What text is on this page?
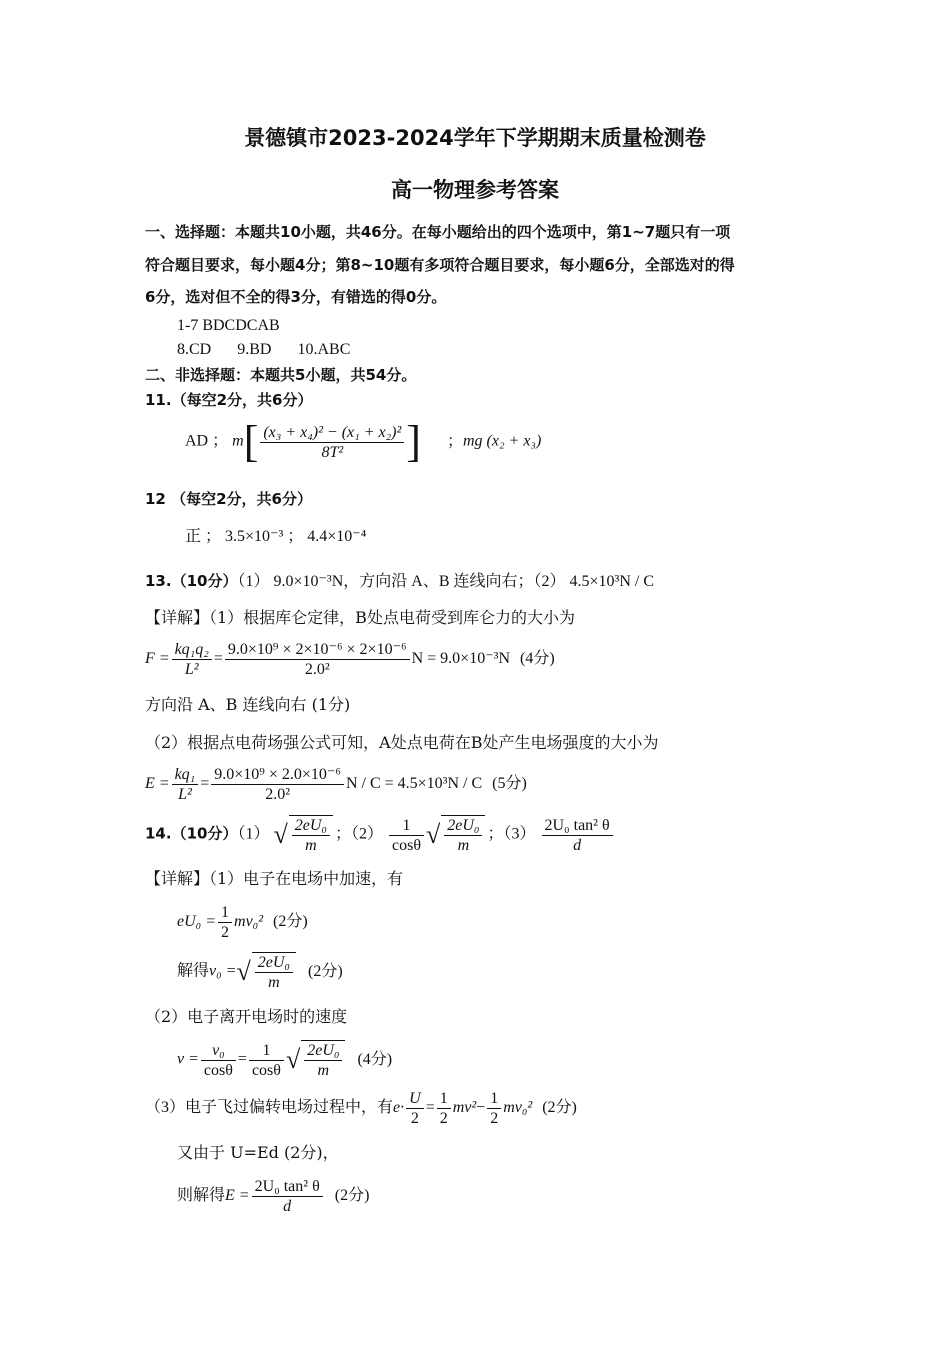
景德镇市2023-2024学年下学期期末质量检测卷
高一物理参考答案
一、选择题：本题共10小题，共46分。在每小题给出的四个选项中，第1~7题只有一项
符合题目要求，每小题4分；第8~10题有多项符合题目要求，每小题6分，全部选对的得
6分，选对但不全的得3分，有错选的得0分。
1-7 BDCDCAB
8.CD 9.BD 10.ABC
二、非选择题：本题共5小题，共54分。
11.（每空2分，共6分）
AD ； $m[ \frac{\text{(x₃ + x₄)² − (x₁ + x₂)²}}{\text{8T²}}$ ] ；mg (x₂ + x₃)
12 （每空2分，共6分）
正 ； 3.5×10⁻³ ； 4.4×10⁻⁴
13.（10分）（1） 9.0×10⁻³N，方向沿 A、B 连线向右；（2） 4.5×10³N / C
【详解】（1）根据库仑定律，B处点电荷受到库仑力的大小为
$F = \frac{\text{kq₁q₂}}{\text{L²}} = \frac{\text{9.0×10⁹ × 2×10⁻⁶ × 2×10⁻⁶}}{\text{2.0²}}$ N = 9.0×10⁻³N (4分)
方向沿 A、B 连线向右 (1分)
（2）根据点电荷场强公式可知，A处点电荷在B处产生电场强度的大小为
$E = \frac{\text{kq₁}}{\text{L²}} = \frac{\text{9.0×10⁹ × 2.0×10⁻⁶}}{\text{2.0²}}$ N / C = 4.5×10³N / C (5分)
14.（10分）（1） √ $\frac{\text{2eU₀}}{m}$ ；$(2) \frac{1}{\cos\theta}$ √ $\frac{\text{2eU₀}}{m}$ ；$(3) \frac{\text{2U₀ tan² θ}}{d}$
【详解】（1）电子在电场中加速，有
$eU_0 = \frac{1}{2} mv_0^2$ (2分)
解得v₀ =√ $\frac{\text{2eU₀}}{m} (2$分)
（2）电子离开电场时的速度
$v = \frac{\text{v₀}}{\cos\theta} = \frac{1}{\cos\theta}$ √ $\frac{\text{2eU₀}}{m} (4$分)
（3）电子飞过偏转电场过程中，有$e\cdot \frac{U}{2} = \frac{1}{2} mv^2- \frac{1}{2} mv_0^2$ (2分)
又由于 U=Ed (2分)，
则解得$E = \frac{\text{2U₀ tan² θ}}{d} (2$分)
